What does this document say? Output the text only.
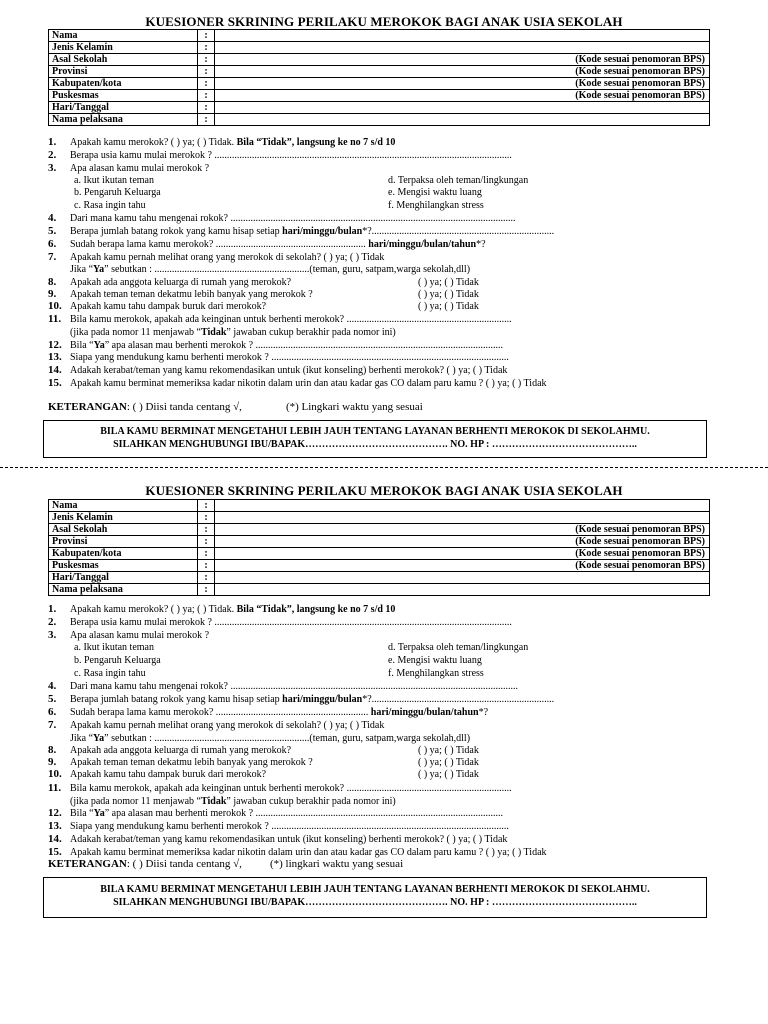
KUESIONER SKRINING PERILAKU MEROKOK BAGI ANAK USIA SEKOLAH
Nama	:	
Jenis Kelamin	:	
Asal Sekolah	:	(Kode sesuai penomoran BPS)
Provinsi	:	(Kode sesuai penomoran BPS)
Kabupaten/kota	:	(Kode sesuai penomoran BPS)
Puskesmas	:	(Kode sesuai penomoran BPS)
Hari/Tanggal	:	
Nama pelaksana	:	
1. Apakah kamu merokok? ( ) ya; ( ) Tidak. Bila “Tidak”, langsung ke no 7 s/d 10
2. Berapa usia kamu mulai merokok ? .......................................................................................................................
3. Apa alasan kamu mulai merokok ?
a. Ikut ikutan teman	d. Terpaksa oleh teman/lingkungan
b. Pengaruh Keluarga	e. Mengisi waktu luang
c. Rasa ingin tahu	f. Menghilangkan stress
4. Dari mana kamu tahu mengenai rokok? ..................................................................................................................
5. Berapa jumlah batang rokok yang kamu hisap setiap hari/minggu/bulan*?.........................................................................
6. Sudah berapa lama kamu merokok? ............................................................ hari/minggu/bulan/tahun*?
7. Apakah kamu pernah melihat orang yang merokok di sekolah? ( ) ya; ( ) Tidak
Jika “Ya” sebutkan : ..............................................................(teman, guru, satpam,warga sekolah,dll)
8. Apakah ada anggota keluarga di rumah yang merokok?	( ) ya; ( ) Tidak
9. Apakah teman teman dekatmu lebih banyak yang merokok ?	( ) ya; ( ) Tidak
10. Apakah kamu tahu dampak buruk dari merokok?	( ) ya; ( ) Tidak
11. Bila kamu merokok, apakah ada keinginan untuk berhenti merokok? ..................................................................
(jika pada nomor 11 menjawab “Tidak” jawaban cukup berakhir pada nomor ini)
12. Bila “Ya” apa alasan mau berhenti merokok ? ...................................................................................................
13. Siapa yang mendukung kamu berhenti merokok ? ...............................................................................................
14. Adakah kerabat/teman yang kamu rekomendasikan untuk (ikut konseling) berhenti merokok? ( ) ya; ( ) Tidak
15. Apakah kamu berminat memeriksa kadar nikotin dalam urin dan atau kadar gas CO dalam paru kamu ? ( ) ya; ( ) Tidak
KETERANGAN: ( ) Diisi tanda centang √,	(*) Lingkari waktu yang sesuai
BILA KAMU BERMINAT MENGETAHUI LEBIH JAUH TENTANG LAYANAN BERHENTI MEROKOK DI SEKOLAHMU.
SILAHKAN MENGHUBUNGI IBU/BAPAK……………………………………. NO. HP : ……………………………………..
KUESIONER SKRINING PERILAKU MEROKOK BAGI ANAK USIA SEKOLAH
Nama	:	
Jenis Kelamin	:	
Asal Sekolah	:	(Kode sesuai penomoran BPS)
Provinsi	:	(Kode sesuai penomoran BPS)
Kabupaten/kota	:	(Kode sesuai penomoran BPS)
Puskesmas	:	(Kode sesuai penomoran BPS)
Hari/Tanggal	:	
Nama pelaksana	:	
1. Apakah kamu merokok? ( ) ya; ( ) Tidak. Bila “Tidak”, langsung ke no 7 s/d 10
2. Berapa usia kamu mulai merokok ? .......................................................................................................................
3. Apa alasan kamu mulai merokok ?
a. Ikut ikutan teman	d. Terpaksa oleh teman/lingkungan
b. Pengaruh Keluarga	e. Mengisi waktu luang
c. Rasa ingin tahu	f. Menghilangkan stress
4. Dari mana kamu tahu mengenai rokok? ...................................................................................................................
5. Berapa jumlah batang rokok yang kamu hisap setiap hari/minggu/bulan*?.........................................................................
6. Sudah berapa lama kamu merokok? ............................................................. hari/minggu/bulan/tahun*?
7. Apakah kamu pernah melihat orang yang merokok di sekolah? ( ) ya; ( ) Tidak
Jika “Ya” sebutkan : ..............................................................(teman, guru, satpam,warga sekolah,dll)
8. Apakah ada anggota keluarga di rumah yang merokok?	( ) ya; ( ) Tidak
9. Apakah teman teman dekatmu lebih banyak yang merokok ?	( ) ya; ( ) Tidak
10. Apakah kamu tahu dampak buruk dari merokok?	( ) ya; ( ) Tidak
11. Bila kamu merokok, apakah ada keinginan untuk berhenti merokok? ..................................................................
(jika pada nomor 11 menjawab “Tidak” jawaban cukup berakhir pada nomor ini)
12. Bila “Ya” apa alasan mau berhenti merokok ? ...................................................................................................
13. Siapa yang mendukung kamu berhenti merokok ? ...............................................................................................
14. Adakah kerabat/teman yang kamu rekomendasikan untuk (ikut konseling) berhenti merokok? ( ) ya; ( ) Tidak
15. Apakah kamu berminat memeriksa kadar nikotin dalam urin dan atau kadar gas CO dalam paru kamu ? ( ) ya; ( ) Tidak
KETERANGAN: ( ) Diisi tanda centang √,	(*) lingkari waktu yang sesuai
BILA KAMU BERMINAT MENGETAHUI LEBIH JAUH TENTANG LAYANAN BERHENTI MEROKOK DI SEKOLAHMU.
SILAHKAN MENGHUBUNGI IBU/BAPAK……………………………………. NO. HP : ……………………………………..
